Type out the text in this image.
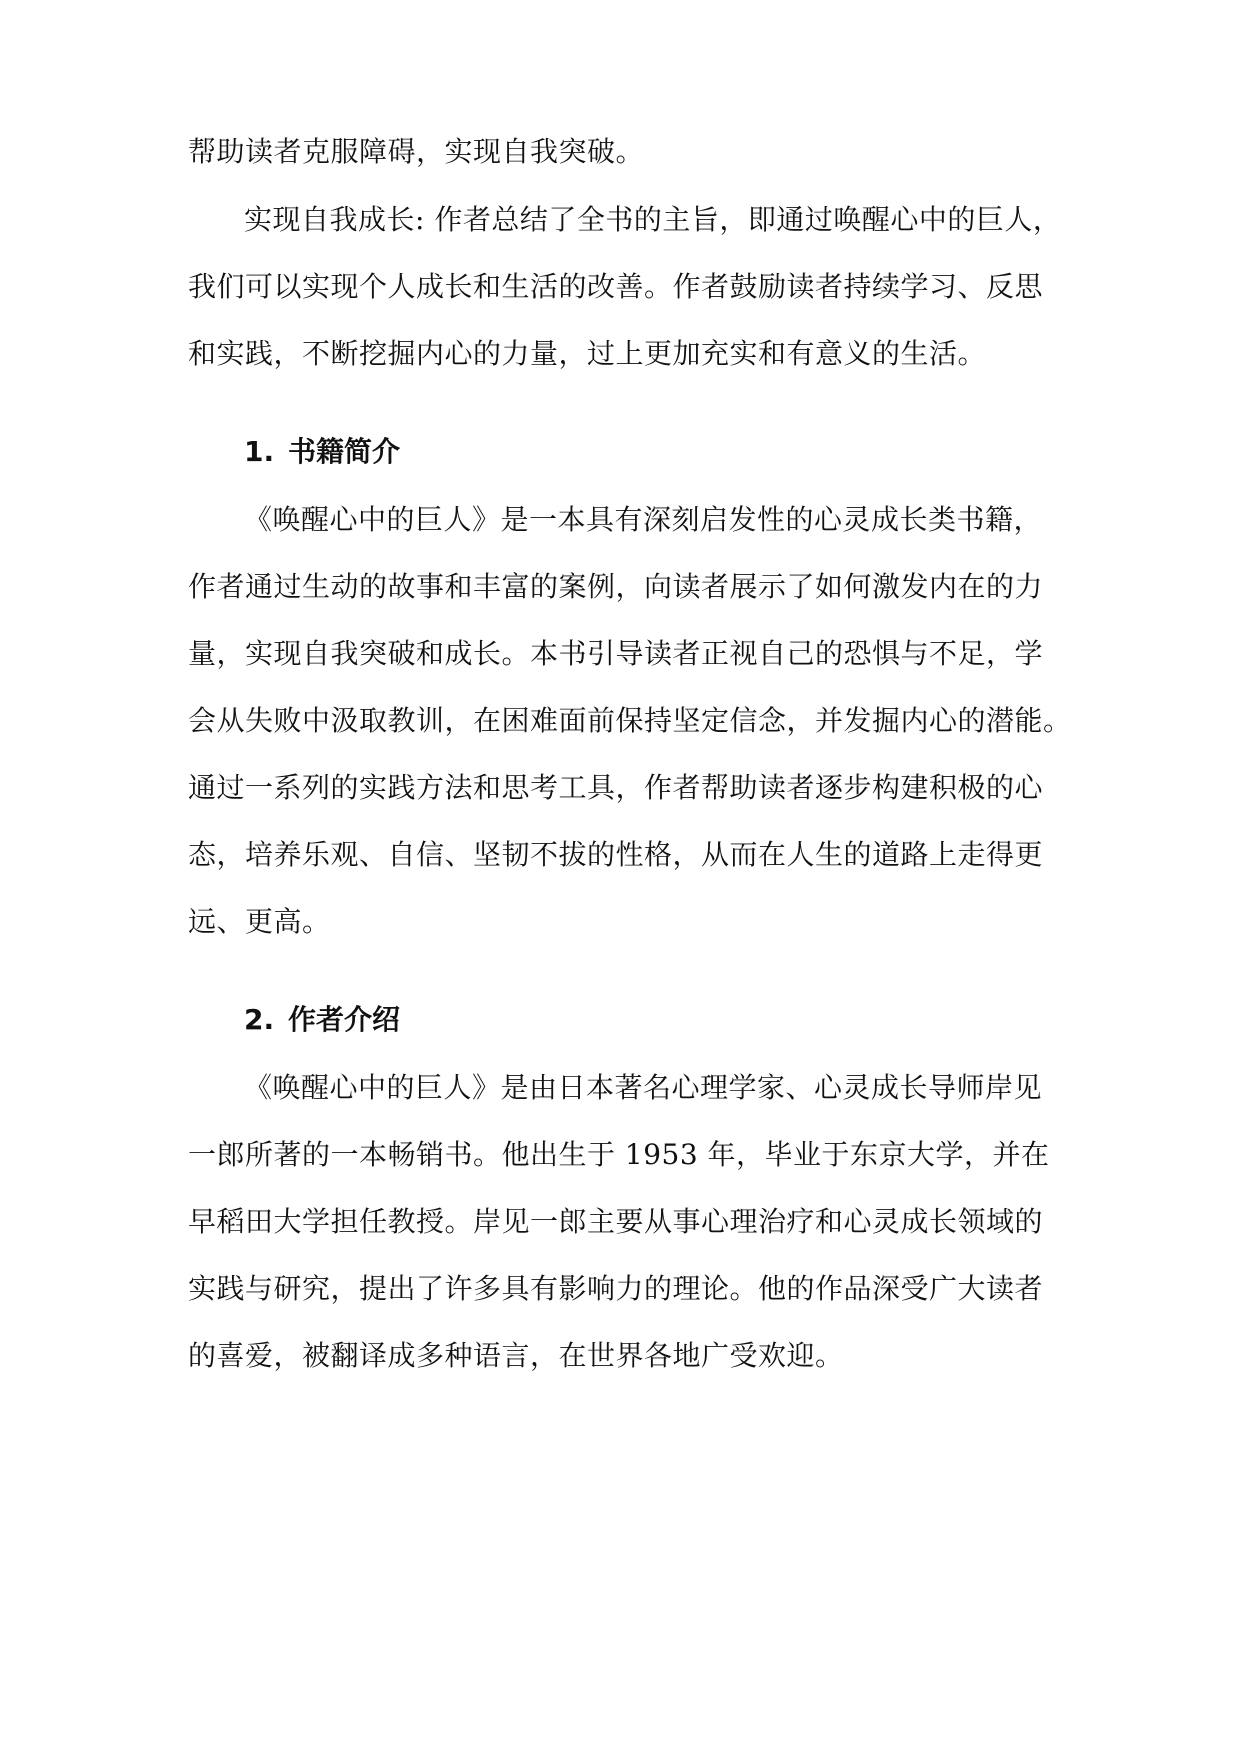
帮助读者克服障碍，实现自我突破。
实现自我成长: 作者总结了全书的主旨，即通过唤醒心中的巨人，
我们可以实现个人成长和生活的改善。作者鼓励读者持续学习、反思
和实践，不断挖掘内心的力量，过上更加充实和有意义的生活。
1. 书籍简介
《唤醒心中的巨人》是一本具有深刻启发性的心灵成长类书籍，
作者通过生动的故事和丰富的案例，向读者展示了如何激发内在的力
量，实现自我突破和成长。本书引导读者正视自己的恐惧与不足，学
会从失败中汲取教训，在困难面前保持坚定信念，并发掘内心的潜能。
通过一系列的实践方法和思考工具，作者帮助读者逐步构建积极的心
态，培养乐观、自信、坚韧不拔的性格，从而在人生的道路上走得更
远、更高。
2. 作者介绍
《唤醒心中的巨人》是由日本著名心理学家、心灵成长导师岸见
一郎所著的一本畅销书。他出生于 1953 年，毕业于东京大学，并在
早稻田大学担任教授。岸见一郎主要从事心理治疗和心灵成长领域的
实践与研究，提出了许多具有影响力的理论。他的作品深受广大读者
的喜爱，被翻译成多种语言，在世界各地广受欢迎。
